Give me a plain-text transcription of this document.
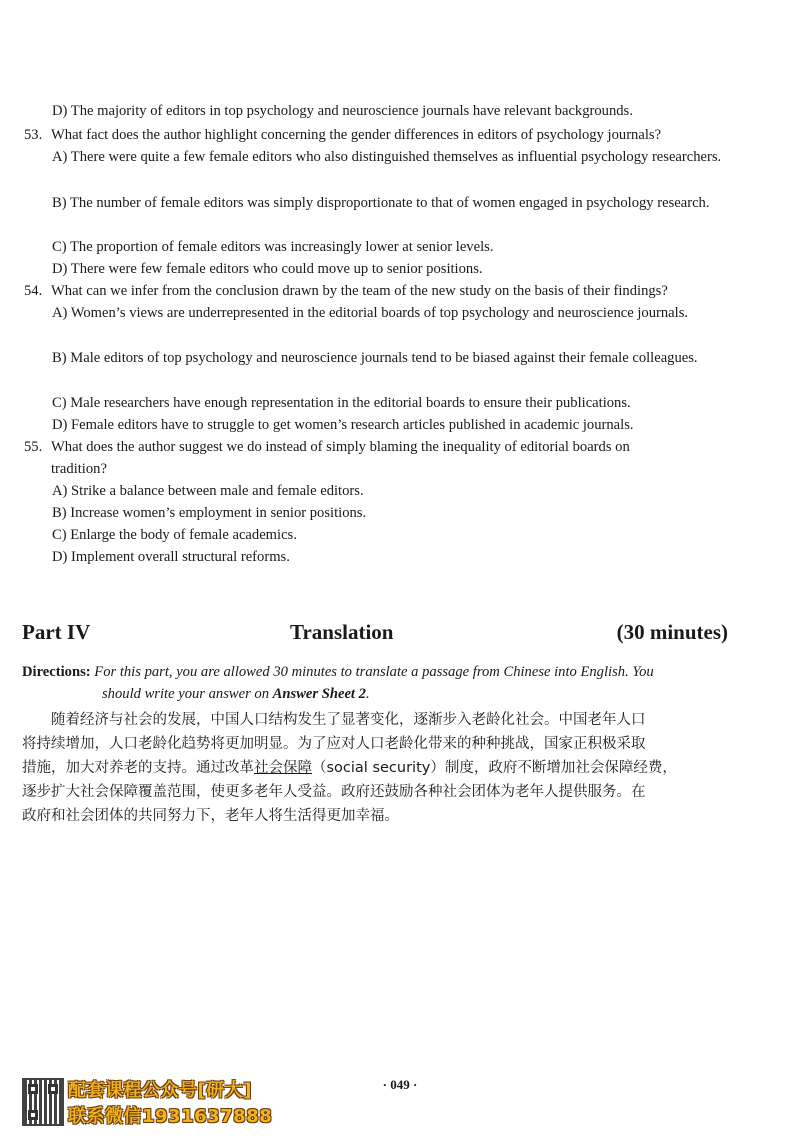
D) The majority of editors in top psychology and neuroscience journals have relevant backgrounds.
53. What fact does the author highlight concerning the gender differences in editors of psychology journals?
A) There were quite a few female editors who also distinguished themselves as influential psychology researchers.
B) The number of female editors was simply disproportionate to that of women engaged in psychology research.
C) The proportion of female editors was increasingly lower at senior levels.
D) There were few female editors who could move up to senior positions.
54. What can we infer from the conclusion drawn by the team of the new study on the basis of their findings?
A) Women’s views are underrepresented in the editorial boards of top psychology and neuroscience journals.
B) Male editors of top psychology and neuroscience journals tend to be biased against their female colleagues.
C) Male researchers have enough representation in the editorial boards to ensure their publications.
D) Female editors have to struggle to get women’s research articles published in academic journals.
55. What does the author suggest we do instead of simply blaming the inequality of editorial boards on
tradition?
A) Strike a balance between male and female editors.
B) Increase women’s employment in senior positions.
C) Enlarge the body of female academics.
D) Implement overall structural reforms.
Part IV	Translation	(30 minutes)
Directions: For this part, you are allowed 30 minutes to translate a passage from Chinese into English. You
should write your answer on Answer Sheet 2.
随着经济与社会的发展，中国人口结构发生了显著变化，逐渐步入老龄化社会。中国老年人口
将持续增加，人口老龄化趋势将更加明显。为了应对人口老龄化带来的种种挑战，国家正积极采取
措施，加大对养老的支持。通过改革社会保障（social security）制度，政府不断增加社会保障经费，
逐步扩大社会保障覆盖范围，使更多老年人受益。政府还鼓励各种社会团体为老年人提供服务。在
政府和社会团体的共同努力下，老年人将生活得更加幸福。
· 049 ·
配套课程公众号[研大]
联系微信1931637888
